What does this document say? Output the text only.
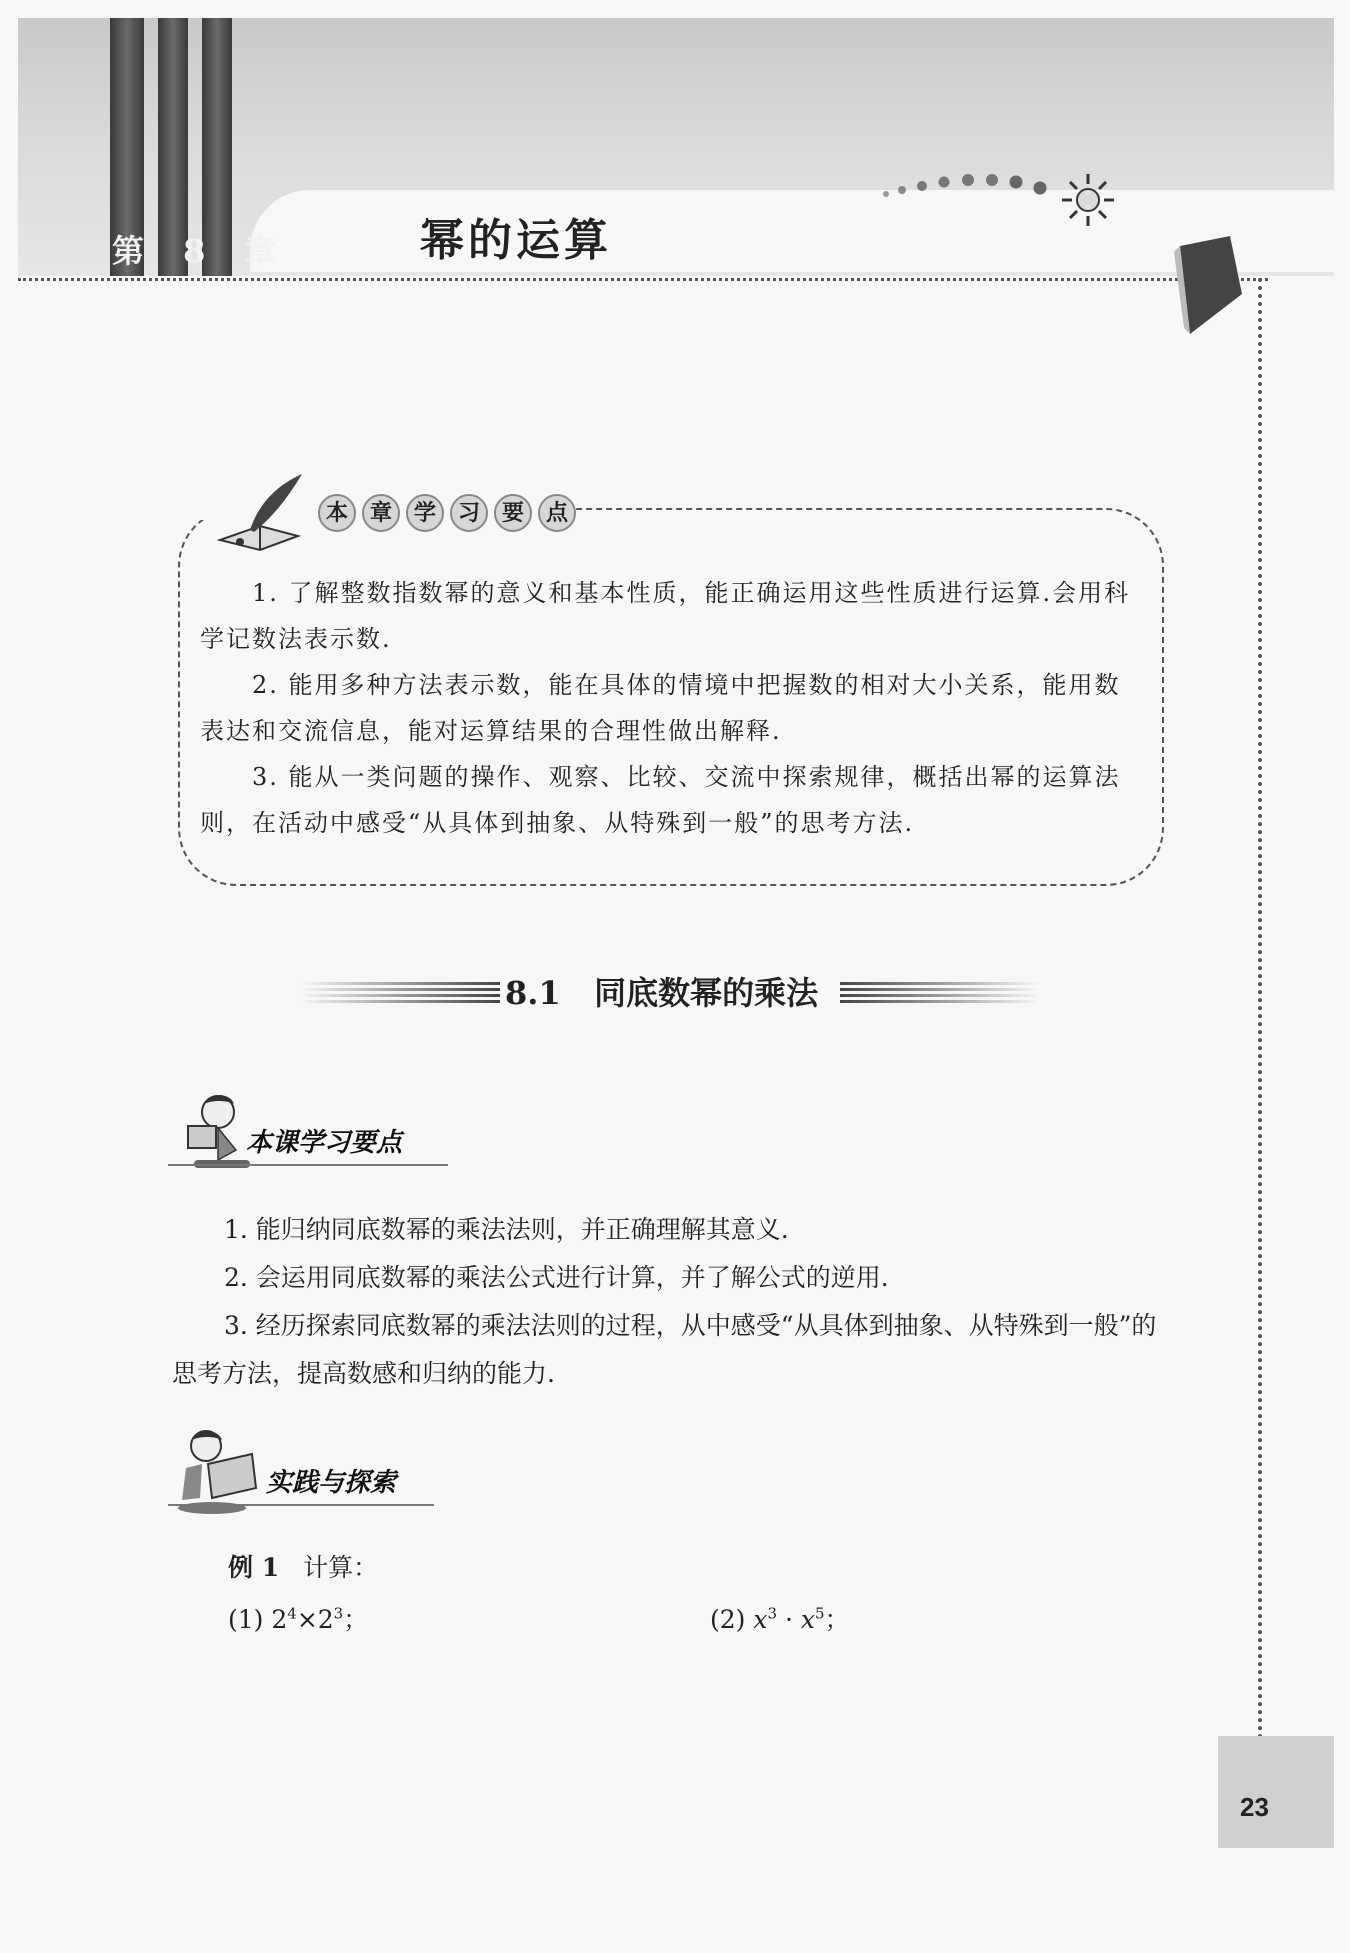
第 8 章	幂的运算
本 章 学 习 要 点

1. 了解整数指数幂的意义和基本性质，能正确运用这些性质进行运算.会用科学记数法表示数.

2. 能用多种方法表示数，能在具体的情境中把握数的相对大小关系，能用数表达和交流信息，能对运算结果的合理性做出解释.

3. 能从一类问题的操作、观察、比较、交流中探索规律，概括出幂的运算法则，在活动中感受“从具体到抽象、从特殊到一般”的思考方法.

8.1 同底数幂的乘法
本课学习要点

1. 能归纳同底数幂的乘法法则，并正确理解其意义.

2. 会运用同底数幂的乘法公式进行计算，并了解公式的逆用.

3. 经历探索同底数幂的乘法法则的过程，从中感受“从具体到抽象、从特殊到一般”的思考方法，提高数感和归纳的能力.

实践与探索
例 1 计算：
(1) $2^4\times 2^3$；	(2) $x^3 \cdot x^5$；
23
